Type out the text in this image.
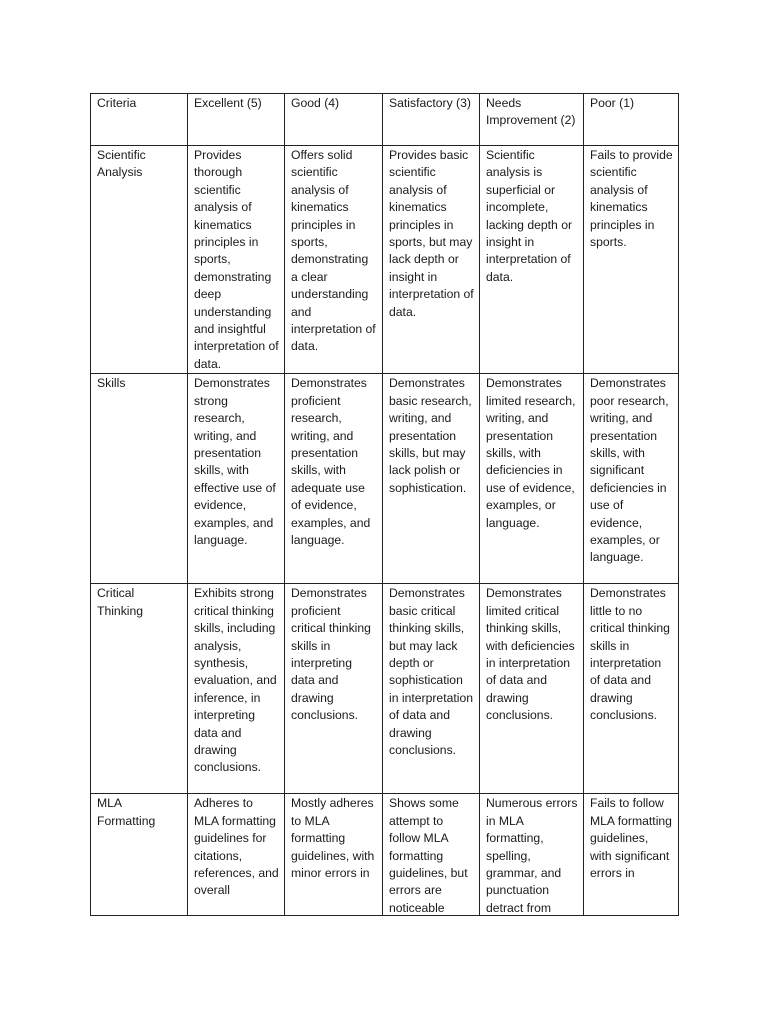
Criteria	Excellent (5)	Good (4)	Satisfactory (3)	Needs Improvement (2)	Poor (1)
Scientific Analysis	Provides thorough scientific analysis of kinematics principles in sports, demonstrating deep understanding and insightful interpretation of data.	Offers solid scientific analysis of kinematics principles in sports, demonstrating a clear understanding and interpretation of data.	Provides basic scientific analysis of kinematics principles in sports, but may lack depth or insight in interpretation of data.	Scientific analysis is superficial or incomplete, lacking depth or insight in interpretation of data.	Fails to provide scientific analysis of kinematics principles in sports.
Skills	Demonstrates strong research, writing, and presentation skills, with effective use of evidence, examples, and language.	Demonstrates proficient research, writing, and presentation skills, with adequate use of evidence, examples, and language.	Demonstrates basic research, writing, and presentation skills, but may lack polish or sophistication.	Demonstrates limited research, writing, and presentation skills, with deficiencies in use of evidence, examples, or language.	Demonstrates poor research, writing, and presentation skills, with significant deficiencies in use of evidence, examples, or language.
Critical Thinking	Exhibits strong critical thinking skills, including analysis, synthesis, evaluation, and inference, in interpreting data and drawing conclusions.	Demonstrates proficient critical thinking skills in interpreting data and drawing conclusions.	Demonstrates basic critical thinking skills, but may lack depth or sophistication in interpretation of data and drawing conclusions.	Demonstrates limited critical thinking skills, with deficiencies in interpretation of data and drawing conclusions.	Demonstrates little to no critical thinking skills in interpretation of data and drawing conclusions.

MLA Formatting	Adheres to MLA formatting guidelines for citations, references, and overall	Mostly adheres to MLA formatting guidelines, with minor errors in	Shows some attempt to follow MLA formatting guidelines, but errors are noticeable	Numerous errors in MLA formatting, spelling, grammar, and punctuation detract from	Fails to follow MLA formatting guidelines, with significant errors in
